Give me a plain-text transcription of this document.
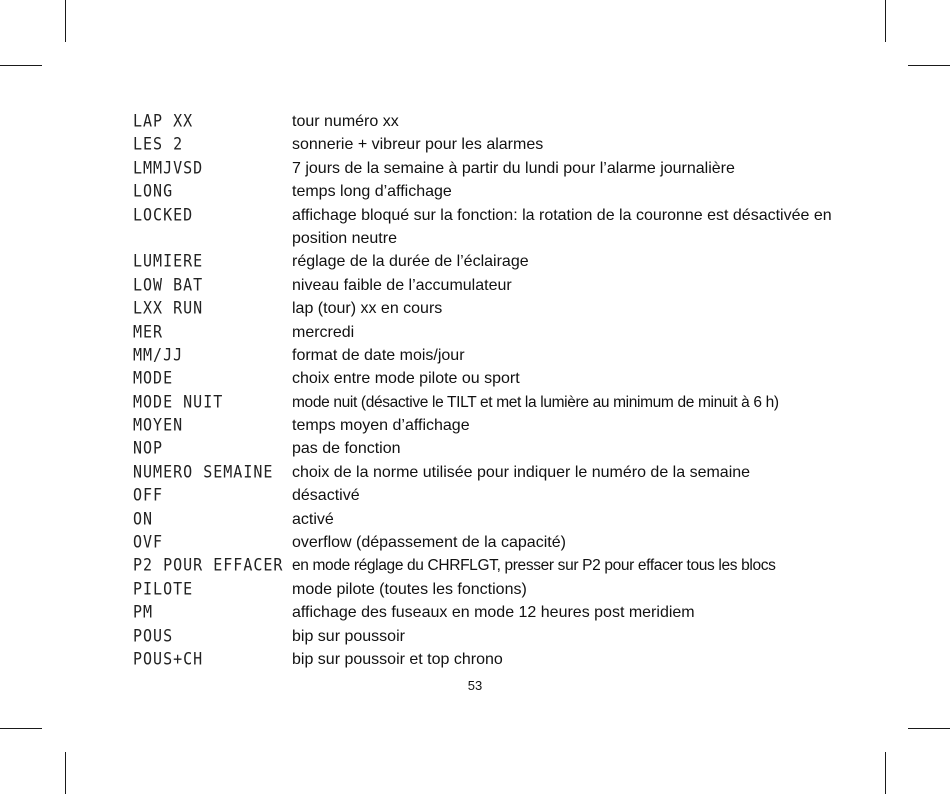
LAP XX	tour numéro xx
LES 2	sonnerie + vibreur pour les alarmes
LMMJVSD	7 jours de la semaine à partir du lundi pour l’alarme journalière
LONG	temps long d’affichage
LOCKED	affichage bloqué sur la fonction: la rotation de la couronne est désactivée en position neutre
LUMIERE	réglage de la durée de l’éclairage
LOW BAT	niveau faible de l’accumulateur
LXX RUN	lap (tour) xx en cours
MER	mercredi
MM/JJ	format de date mois/jour
MODE	choix entre mode pilote ou sport
MODE NUIT	mode nuit (désactive le TILT et met la lumière au minimum de minuit à 6 h)
MOYEN	temps moyen d’affichage
NOP	pas de fonction
NUMERO SEMAINE choix de la norme utilisée pour indiquer le numéro de la semaine
OFF	désactivé
ON	activé
OVF	overflow (dépassement de la capacité)
P2 POUR EFFACER en mode réglage du CHRFLGT, presser sur P2 pour effacer tous les blocs
PILOTE	mode pilote (toutes les fonctions)
PM	affichage des fuseaux en mode 12 heures post meridiem
POUS	bip sur poussoir
POUS+CH	bip sur poussoir et top chrono
53
